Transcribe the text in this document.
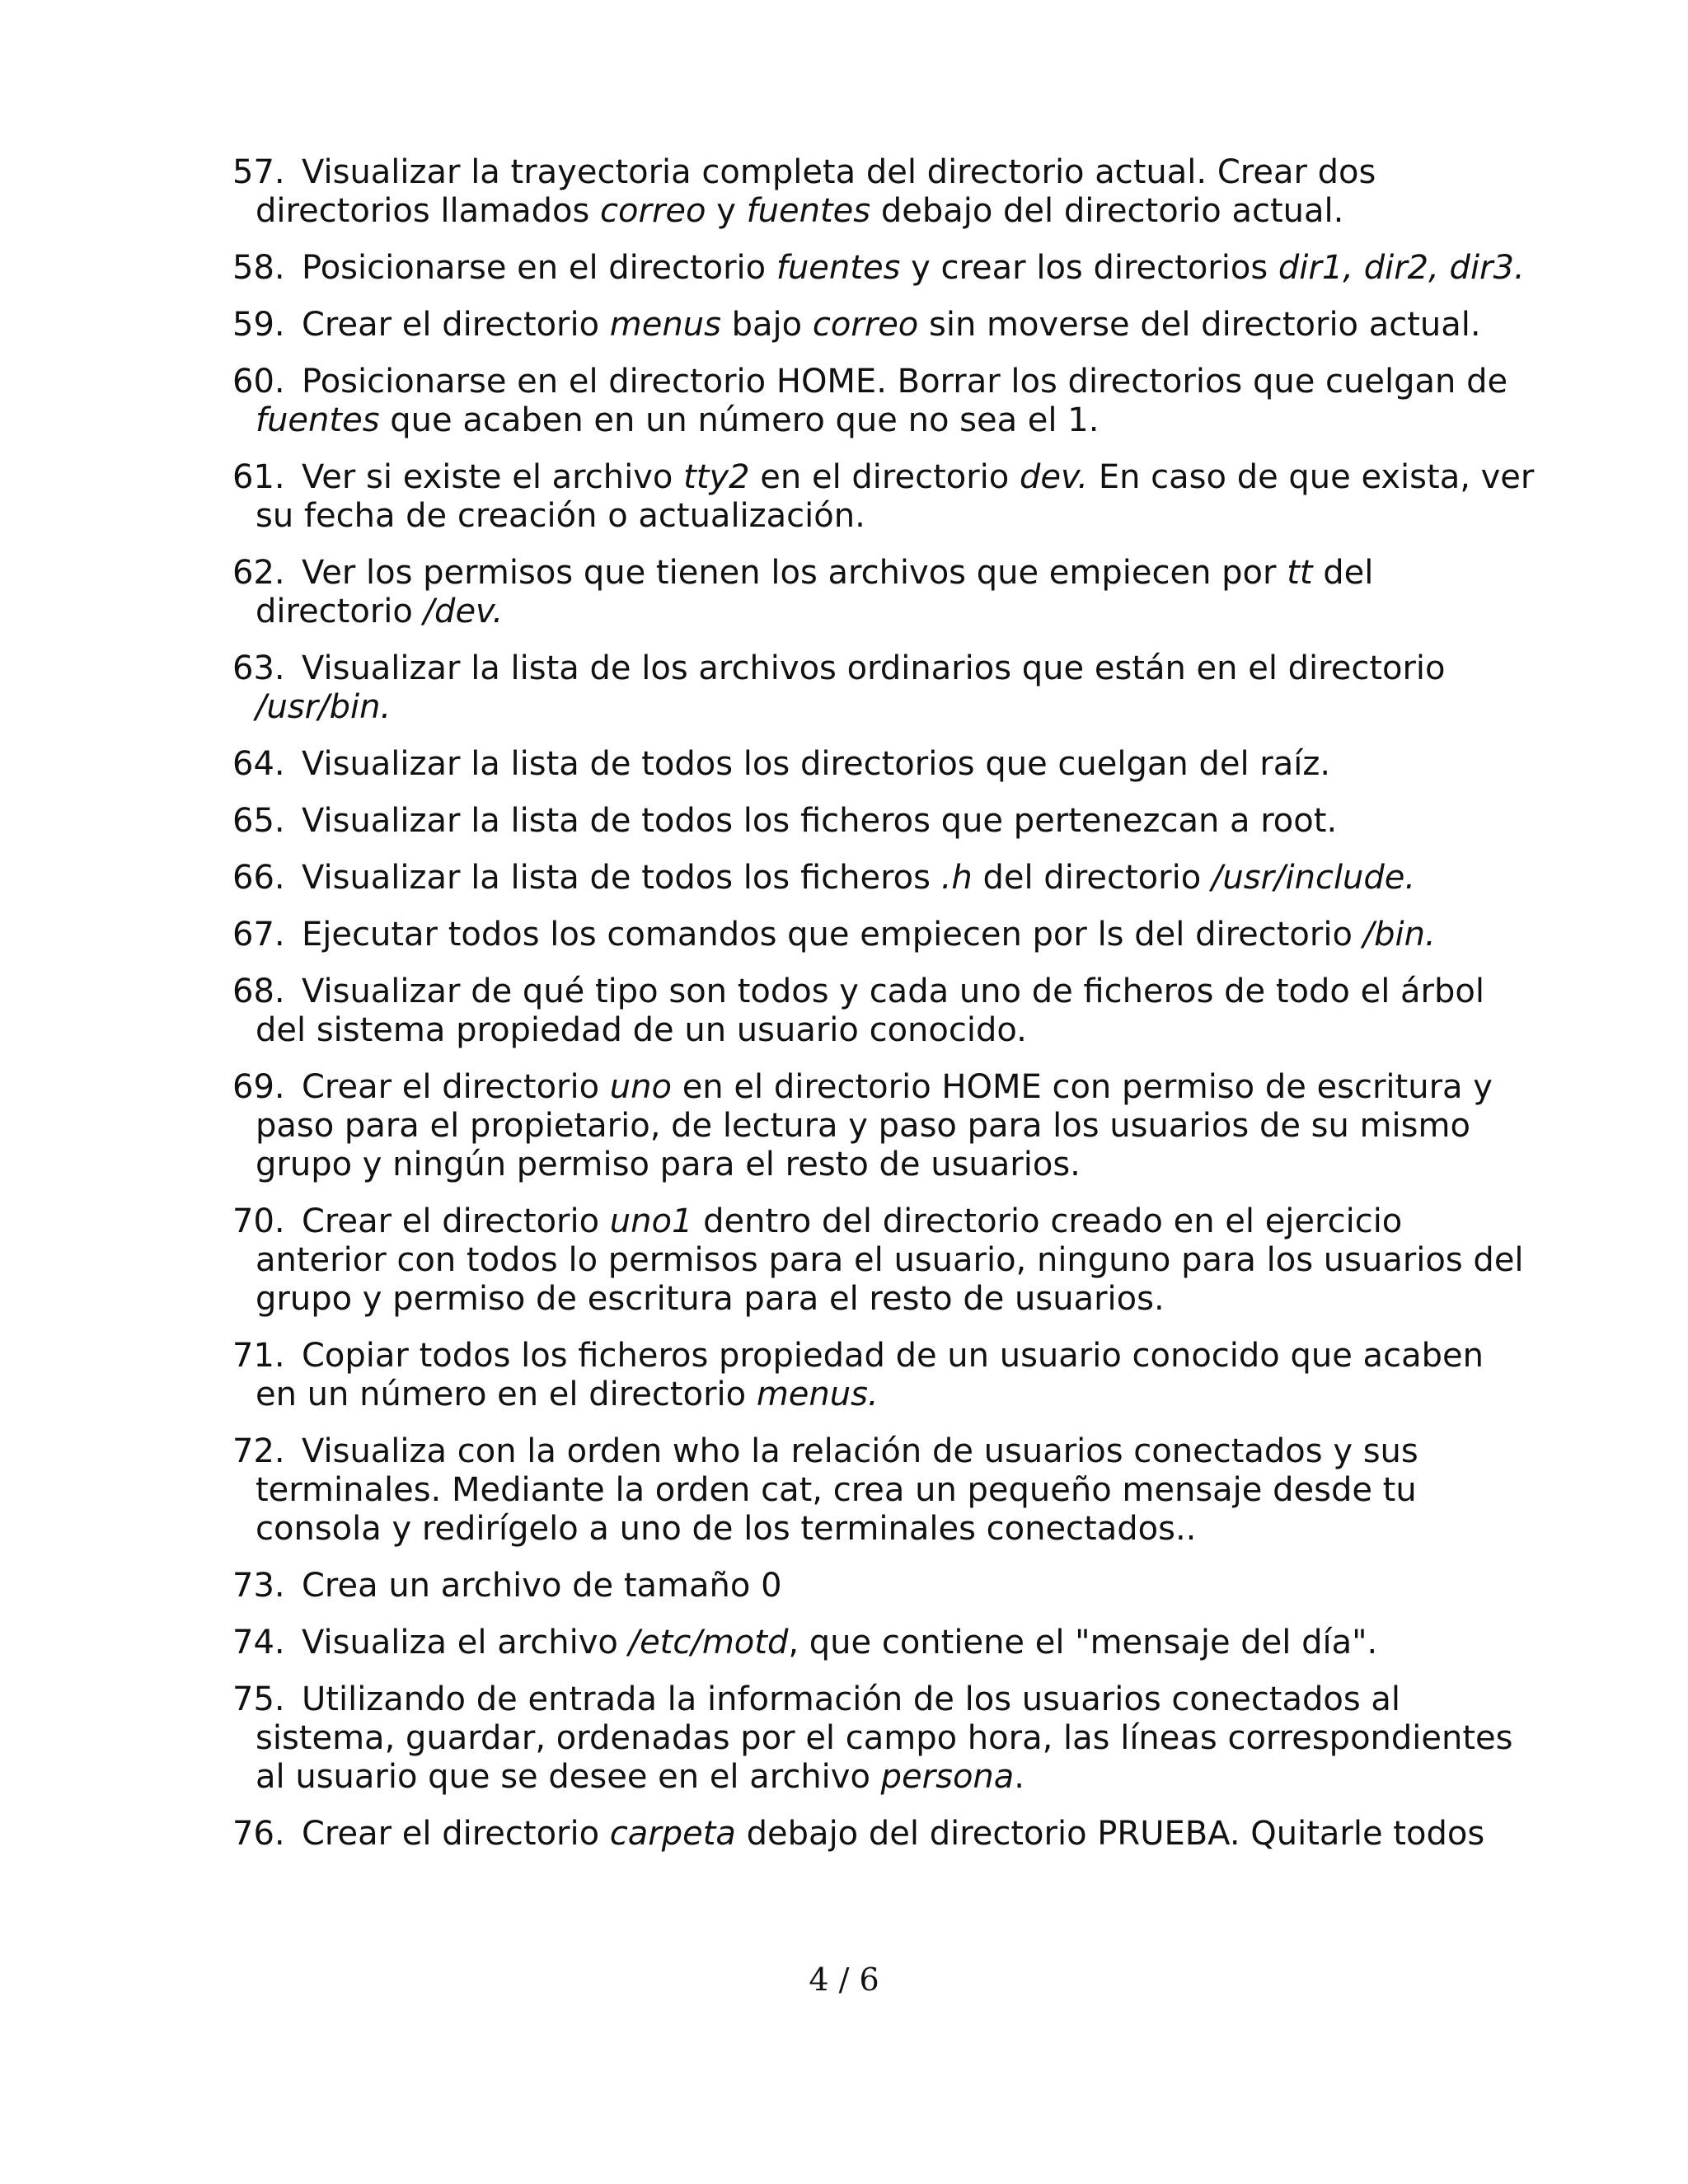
57. Visualizar la trayectoria completa del directorio actual. Crear dos directorios llamados correo y fuentes debajo del directorio actual.
58. Posicionarse en el directorio fuentes y crear los directorios dir1, dir2, dir3.
59. Crear el directorio menus bajo correo sin moverse del directorio actual.
60. Posicionarse en el directorio HOME. Borrar los directorios que cuelgan de fuentes que acaben en un número que no sea el 1.
61. Ver si existe el archivo tty2 en el directorio dev. En caso de que exista, ver su fecha de creación o actualización.
62. Ver los permisos que tienen los archivos que empiecen por tt del directorio /dev.
63. Visualizar la lista de los archivos ordinarios que están en el directorio /usr/bin.
64. Visualizar la lista de todos los directorios que cuelgan del raíz.
65. Visualizar la lista de todos los ficheros que pertenezcan a root.
66. Visualizar la lista de todos los ficheros .h del directorio /usr/include.
67. Ejecutar todos los comandos que empiecen por ls del directorio /bin.
68. Visualizar de qué tipo son todos y cada uno de ficheros de todo el árbol del sistema propiedad de un usuario conocido.
69. Crear el directorio uno en el directorio HOME con permiso de escritura y paso para el propietario, de lectura y paso para los usuarios de su mismo grupo y ningún permiso para el resto de usuarios.
70. Crear el directorio uno1 dentro del directorio creado en el ejercicio anterior con todos lo permisos para el usuario, ninguno para los usuarios del grupo y permiso de escritura para el resto de usuarios.
71. Copiar todos los ficheros propiedad de un usuario conocido que acaben en un número en el directorio menus.
72. Visualiza con la orden who la relación de usuarios conectados y sus terminales. Mediante la orden cat, crea un pequeño mensaje desde tu consola y redirígelo a uno de los terminales conectados..
73. Crea un archivo de tamaño 0
74. Visualiza el archivo /etc/motd, que contiene el "mensaje del día".
75. Utilizando de entrada la información de los usuarios conectados al sistema, guardar, ordenadas por el campo hora, las líneas correspondientes al usuario que se desee en el archivo persona.
76. Crear el directorio carpeta debajo del directorio PRUEBA. Quitarle todos
4 / 6
